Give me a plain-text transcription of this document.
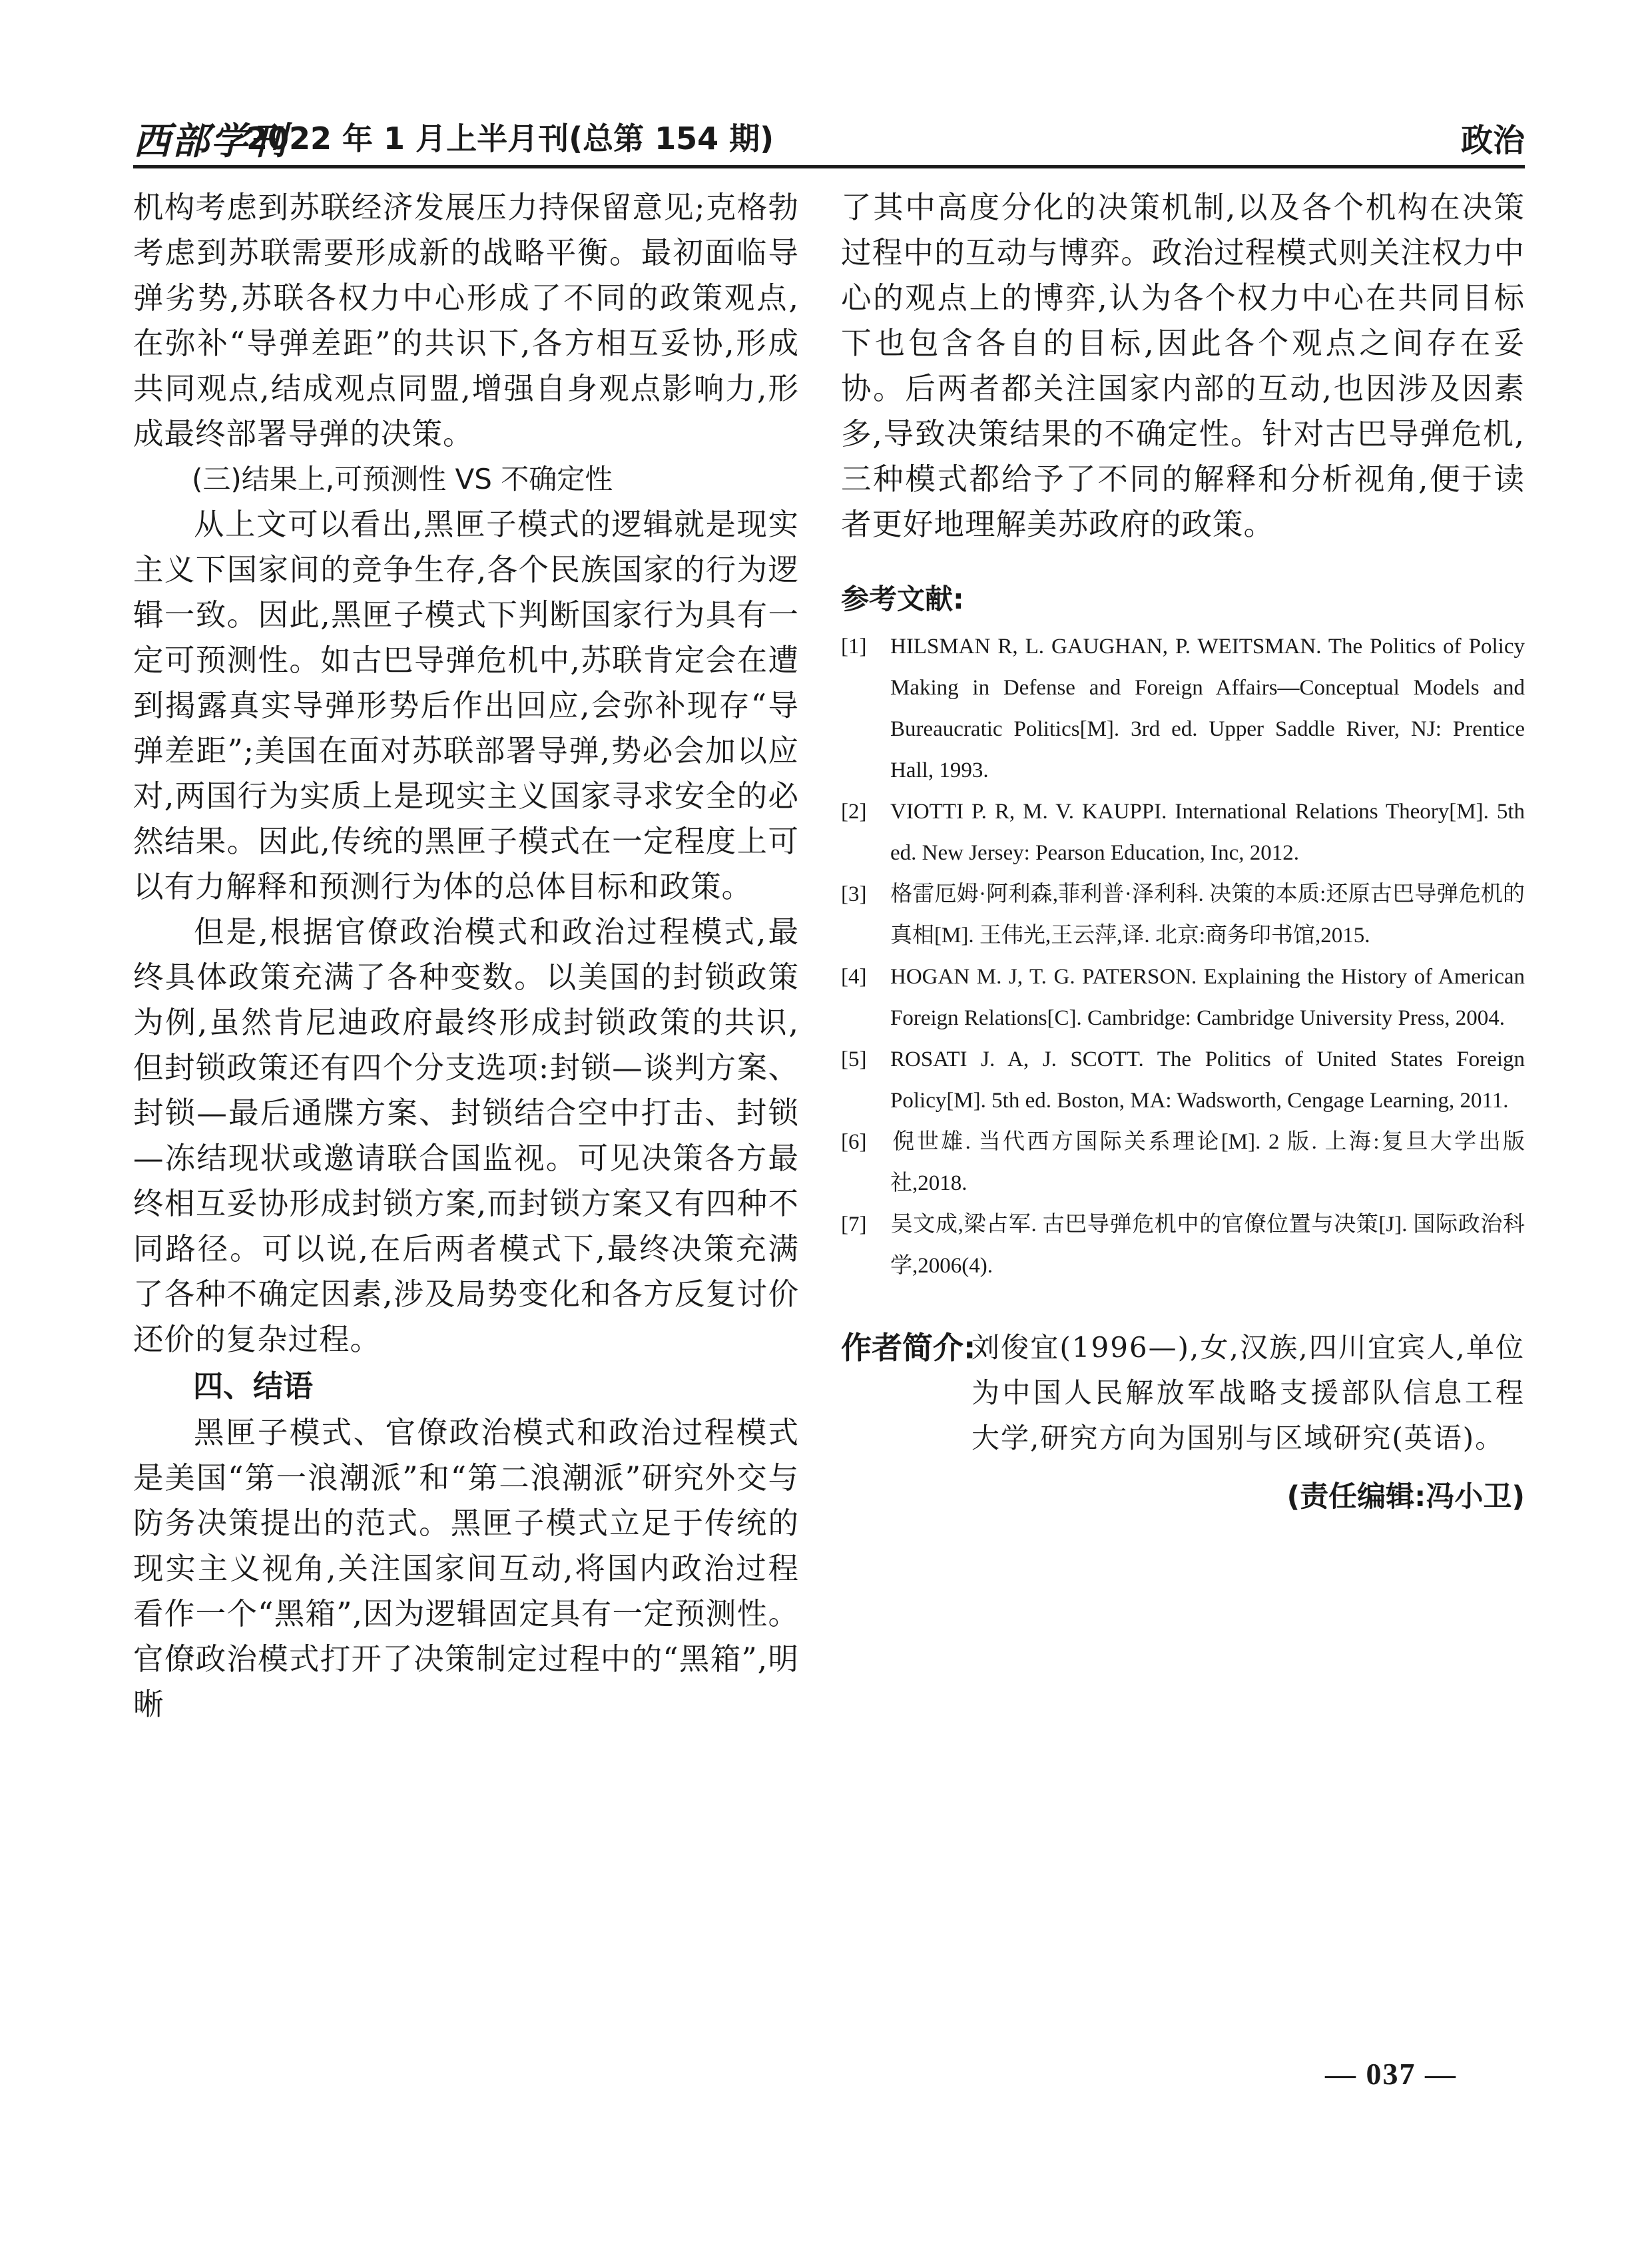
西部学刊
2022 年 1 月上半月刊(总第 154 期)	政治

机构考虑到苏联经济发展压力持保留意见;克格勃考虑到苏联需要形成新的战略平衡。最初面临导弹劣势,苏联各权力中心形成了不同的政策观点,在弥补“导弹差距”的共识下,各方相互妥协,形成共同观点,结成观点同盟,增强自身观点影响力,形成最终部署导弹的决策。

(三)结果上,可预测性 VS 不确定性

从上文可以看出,黑匣子模式的逻辑就是现实主义下国家间的竞争生存,各个民族国家的行为逻辑一致。因此,黑匣子模式下判断国家行为具有一定可预测性。如古巴导弹危机中,苏联肯定会在遭到揭露真实导弹形势后作出回应,会弥补现存“导弹差距”;美国在面对苏联部署导弹,势必会加以应对,两国行为实质上是现实主义国家寻求安全的必然结果。因此,传统的黑匣子模式在一定程度上可以有力解释和预测行为体的总体目标和政策。

但是,根据官僚政治模式和政治过程模式,最终具体政策充满了各种变数。以美国的封锁政策为例,虽然肯尼迪政府最终形成封锁政策的共识,但封锁政策还有四个分支选项:封锁—谈判方案、封锁—最后通牒方案、封锁结合空中打击、封锁—冻结现状或邀请联合国监视。可见决策各方最终相互妥协形成封锁方案,而封锁方案又有四种不同路径。可以说,在后两者模式下,最终决策充满了各种不确定因素,涉及局势变化和各方反复讨价还价的复杂过程。

四、结语

黑匣子模式、官僚政治模式和政治过程模式是美国“第一浪潮派”和“第二浪潮派”研究外交与防务决策提出的范式。黑匣子模式立足于传统的现实主义视角,关注国家间互动,将国内政治过程看作一个“黑箱”,因为逻辑固定具有一定预测性。官僚政治模式打开了决策制定过程中的“黑箱”,明晰

了其中高度分化的决策机制,以及各个机构在决策过程中的互动与博弈。政治过程模式则关注权力中心的观点上的博弈,认为各个权力中心在共同目标下也包含各自的目标,因此各个观点之间存在妥协。后两者都关注国家内部的互动,也因涉及因素多,导致决策结果的不确定性。针对古巴导弹危机,三种模式都给予了不同的解释和分析视角,便于读者更好地理解美苏政府的政策。

参考文献:

[1] HILSMAN R, L. GAUGHAN, P. WEITSMAN. The Politics of Policy Making in Defense and Foreign Affairs—Conceptual Models and Bureaucratic Politics[M]. 3rd ed. Upper Saddle River, NJ: Prentice Hall, 1993.

[2] VIOTTI P. R, M. V. KAUPPI. International Relations Theory[M]. 5th ed. New Jersey: Pearson Education, Inc, 2012.

[3] 格雷厄姆·阿利森,菲利普·泽利科. 决策的本质:还原古巴导弹危机的真相[M]. 王伟光,王云萍,译. 北京:商务印书馆,2015.

[4] HOGAN M. J, T. G. PATERSON. Explaining the History of American Foreign Relations[C]. Cambridge: Cambridge University Press, 2004.

[5] ROSATI J. A, J. SCOTT. The Politics of United States Foreign Policy[M]. 5th ed. Boston, MA: Wadsworth, Cengage Learning, 2011.

[6] 倪世雄. 当代西方国际关系理论[M]. 2 版. 上海:复旦大学出版社,2018.

[7] 吴文成,梁占军. 古巴导弹危机中的官僚位置与决策[J]. 国际政治科学,2006(4).

作者简介:
刘俊宜(1996—),女,汉族,四川宜宾人,单位为中国人民解放军战略支援部队信息工程大学,研究方向为国别与区域研究(英语)。
(责任编辑:冯小卫)
— 037 —
